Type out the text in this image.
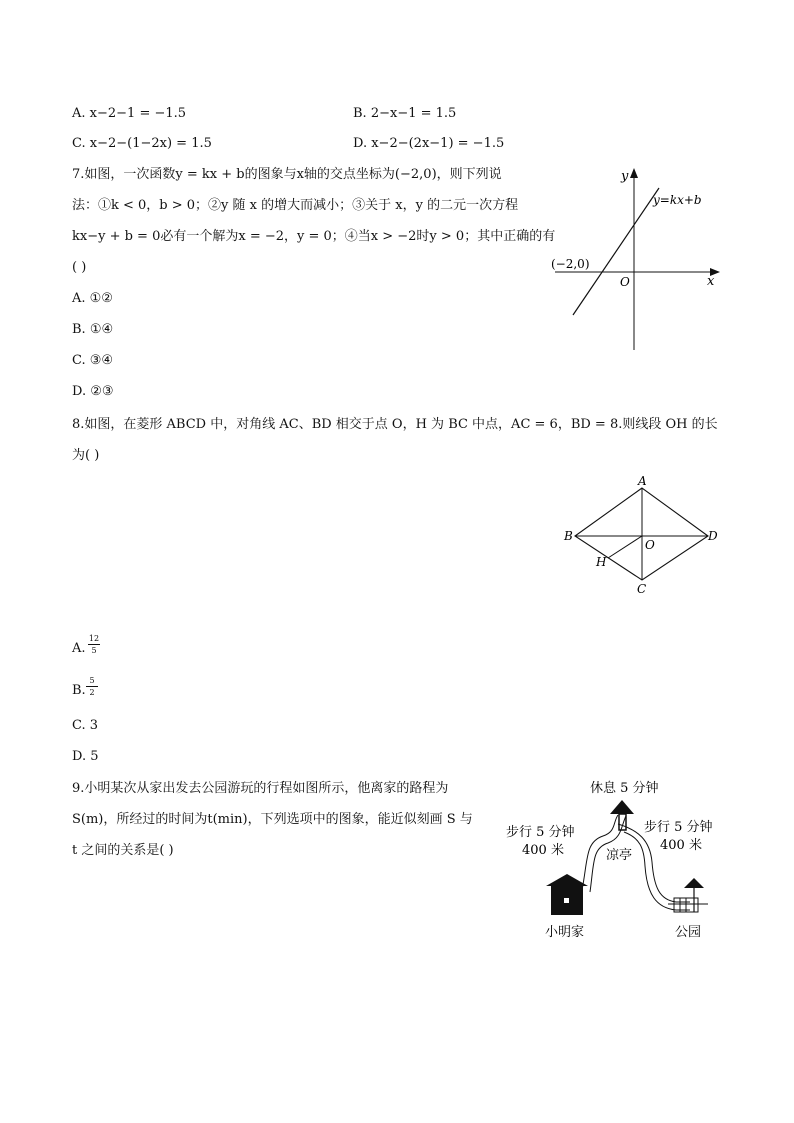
A. x−2−1 = −1.5	B. 2−x−1 = 1.5
C. x−2−(1−2x) = 1.5	D. x−2−(2x−1) = −1.5
7.如图，一次函数y = kx + b的图象与x轴的交点坐标为(−2,0)，则下列说
法：①k < 0，b > 0；②y 随 x 的增大而减小；③关于 x，y 的二元一次方程
kx−y + b = 0必有一个解为x = −2，y = 0；④当x > −2时y > 0；其中正确的有
( )
A. ①②
B. ①④
C. ③④
D. ②③
y
x
O
y=kx+b
(−2,0)
8.如图，在菱形 ABCD 中，对角线 AC、BD 相交于点 O，H 为 BC 中点，AC = 6，BD = 8.则线段 OH 的长
为( )
A
B
C
D
O
H
A. $\frac{12}{5}$
B. $\frac{5}{2}$
C. 3
D. 5
9.小明某次从家出发去公园游玩的行程如图所示，他离家的路程为
S(m)，所经过的时间为t(min)，下列选项中的图象，能近似刻画 S 与
t 之间的关系是( )
休息 5 分钟
步行 5 分钟
400 米
步行 5 分钟
400 米
凉亭
小明家	公园
